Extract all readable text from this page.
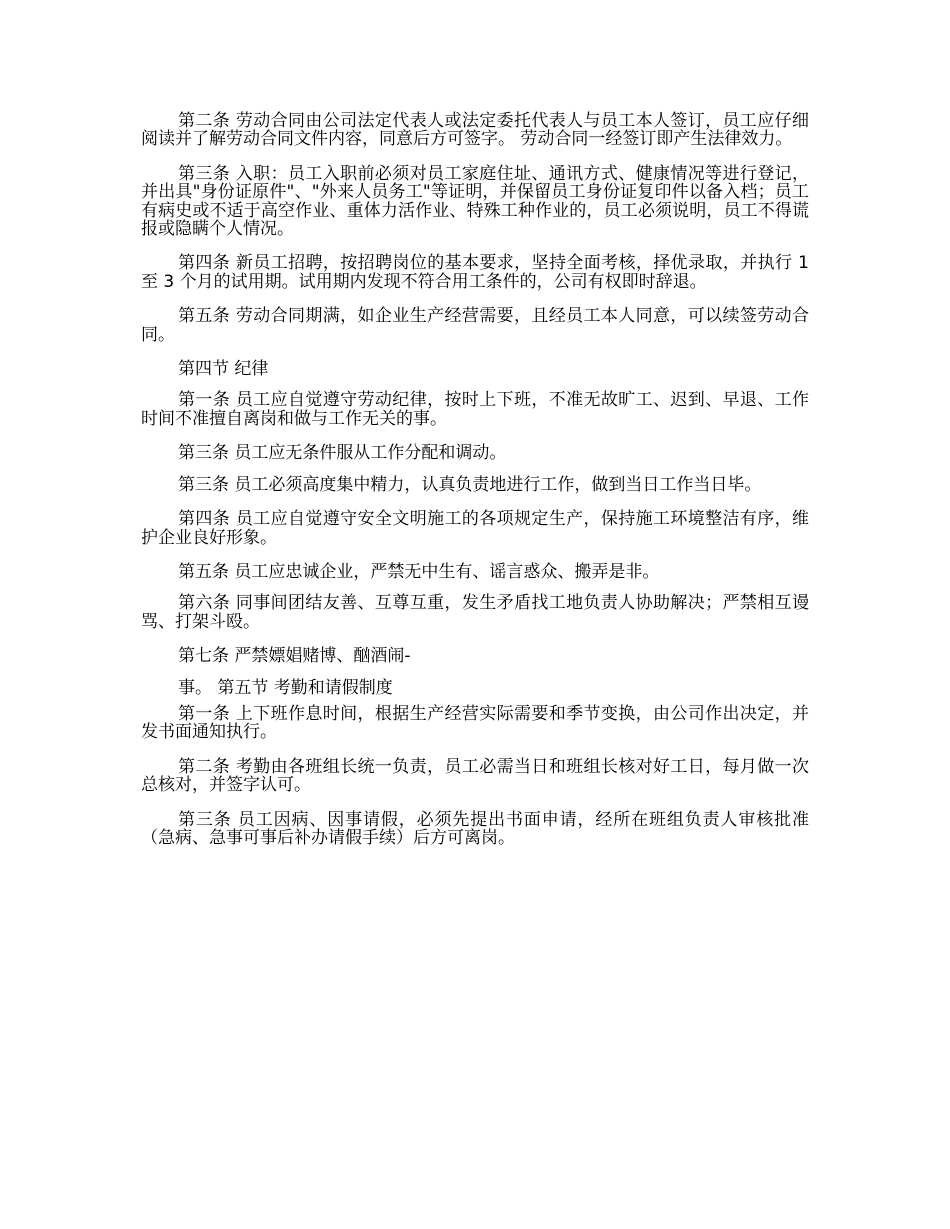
第二条 劳动合同由公司法定代表人或法定委托代表人与员工本人签订，员工应仔细阅读并了解劳动合同文件内容，同意后方可签字。 劳动合同一经签订即产生法律效力。

第三条 入职：员工入职前必须对员工家庭住址、通讯方式、健康情况等进行登记，并出具"身份证原件"、"外来人员务工"等证明，并保留员工身份证复印件以备入档；员工有病史或不适于高空作业、重体力活作业、特殊工种作业的，员工必须说明，员工不得谎报或隐瞒个人情况。

第四条 新员工招聘，按招聘岗位的基本要求，坚持全面考核，择优录取，并执行 1 至 3 个月的试用期。试用期内发现不符合用工条件的，公司有权即时辞退。

第五条 劳动合同期满，如企业生产经营需要，且经员工本人同意，可以续签劳动合同。

第四节 纪律

第一条 员工应自觉遵守劳动纪律，按时上下班，不准无故旷工、迟到、早退、工作时间不准擅自离岗和做与工作无关的事。

第三条 员工应无条件服从工作分配和调动。

第三条 员工必须高度集中精力，认真负责地进行工作，做到当日工作当日毕。

第四条 员工应自觉遵守安全文明施工的各项规定生产，保持施工环境整洁有序，维护企业良好形象。

第五条 员工应忠诚企业，严禁无中生有、谣言惑众、搬弄是非。

第六条 同事间团结友善、互尊互重，发生矛盾找工地负责人协助解决；严禁相互谩骂、打架斗殴。

第七条 严禁嫖娼赌博、酗酒闹-

事。 第五节 考勤和请假制度

第一条 上下班作息时间，根据生产经营实际需要和季节变换，由公司作出决定，并发书面通知执行。

第二条 考勤由各班组长统一负责，员工必需当日和班组长核对好工日，每月做一次总核对，并签字认可。

第三条 员工因病、因事请假，必须先提出书面申请，经所在班组负责人审核批准（急病、急事可事后补办请假手续）后方可离岗。
